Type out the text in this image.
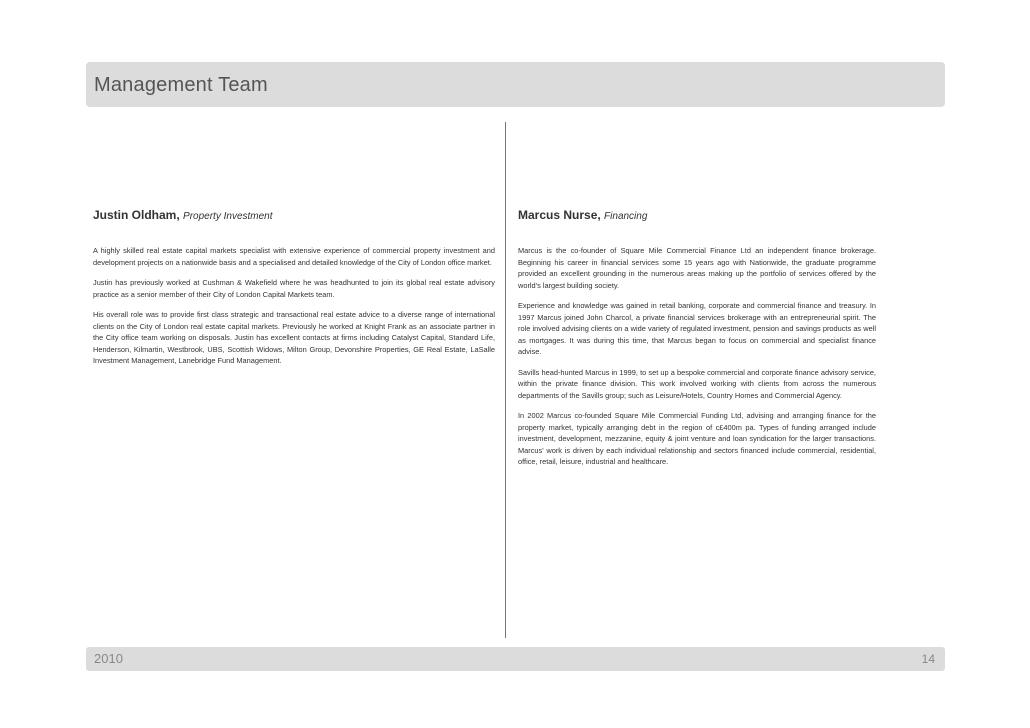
Management Team

Justin Oldham, Property Investment

A highly skilled real estate capital markets specialist with extensive experience of commercial property investment and development projects on a nationwide basis and a specialised and detailed knowledge of the City of London office market.

Justin has previously worked at Cushman & Wakefield where he was headhunted to join its global real estate advisory practice as a senior member of their City of London Capital Markets team.

His overall role was to provide first class strategic and transactional real estate advice to a diverse range of international clients on the City of London real estate capital markets. Previously he worked at Knight Frank as an associate partner in the City office team working on disposals. Justin has excellent contacts at firms including Catalyst Capital, Standard Life, Henderson, Kilmartin, Westbrook, UBS, Scottish Widows, Milton Group, Devonshire Properties, GE Real Estate, LaSalle Investment Management, Lanebridge Fund Management.

Marcus Nurse, Financing

Marcus is the co-founder of Square Mile Commercial Finance Ltd an independent finance brokerage. Beginning his career in financial services some 15 years ago with Nationwide, the graduate programme provided an excellent grounding in the numerous areas making up the portfolio of services offered by the world's largest building society.

Experience and knowledge was gained in retail banking, corporate and commercial finance and treasury. In 1997 Marcus joined John Charcol, a private financial services brokerage with an entrepreneurial spirit. The role involved advising clients on a wide variety of regulated investment, pension and savings products as well as mortgages. It was during this time, that Marcus began to focus on commercial and specialist finance advise.

Savills head-hunted Marcus in 1999, to set up a bespoke commercial and corporate finance advisory service, within the private finance division. This work involved working with clients from across the numerous departments of the Savills group; such as Leisure/Hotels, Country Homes and Commercial Agency.

In 2002 Marcus co-founded Square Mile Commercial Funding Ltd, advising and arranging finance for the property market, typically arranging debt in the region of c£400m pa. Types of funding arranged include investment, development, mezzanine, equity & joint venture and loan syndication for the larger transactions. Marcus' work is driven by each individual relationship and sectors financed include commercial, residential, office, retail, leisure, industrial and healthcare.

2010	14
